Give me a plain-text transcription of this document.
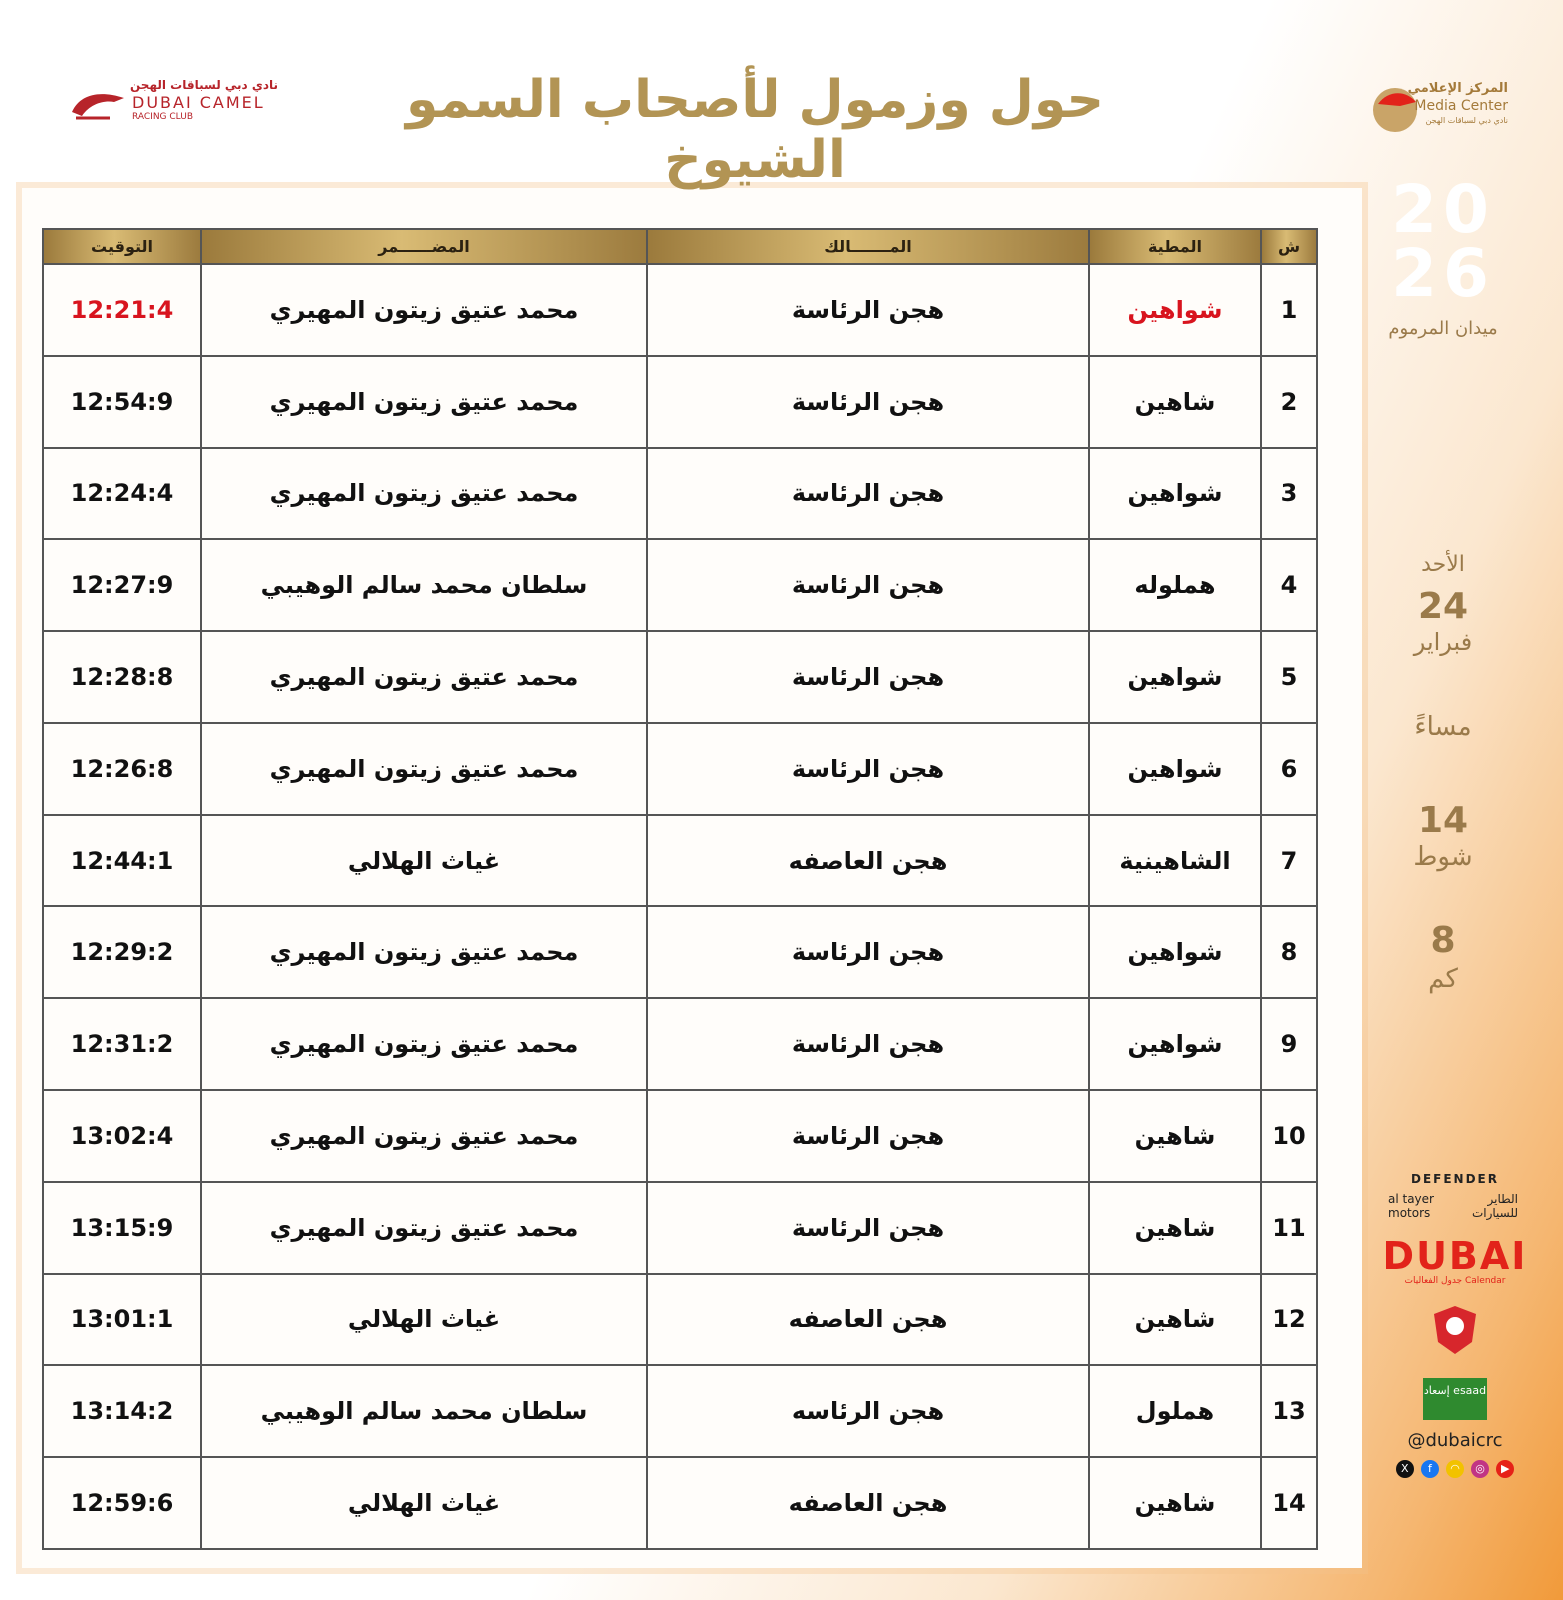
نادي دبي لسباقات الهجن
DUBAI CAMEL
RACING CLUB	حول وزمول لأصحاب السمو الشيوخ
المركز الإعلامي
Media Center
نادي دبي لسباقات الهجن
ش	المطية	المـــــــالك	المضــــــمر	التوقيت
1	شواهين	هجن الرئاسة	محمد عتيق زيتون المهيري	12:21:4
2	شاهين	هجن الرئاسة	محمد عتيق زيتون المهيري	12:54:9
3	شواهين	هجن الرئاسة	محمد عتيق زيتون المهيري	12:24:4
4	هملوله	هجن الرئاسة	سلطان محمد سالم الوهيبي	12:27:9
5	شواهين	هجن الرئاسة	محمد عتيق زيتون المهيري	12:28:8
6	شواهين	هجن الرئاسة	محمد عتيق زيتون المهيري	12:26:8
7	الشاهينية	هجن العاصفه	غياث الهلالي	12:44:1
8	شواهين	هجن الرئاسة	محمد عتيق زيتون المهيري	12:29:2
9	شواهين	هجن الرئاسة	محمد عتيق زيتون المهيري	12:31:2
10	شاهين	هجن الرئاسة	محمد عتيق زيتون المهيري	13:02:4
11	شاهين	هجن الرئاسة	محمد عتيق زيتون المهيري	13:15:9
12	شاهين	هجن العاصفه	غياث الهلالي	13:01:1
13	هملول	هجن الرئاسه	سلطان محمد سالم الوهيبي	13:14:2
14	شاهين	هجن العاصفه	غياث الهلالي	12:59:6
20
26
ميدان المرموم
الأحد
24
فبراير
مساءً
14
شوط
8
كم
DEFENDER
al tayer motors
الطاير للسيارات
DUBAI
Calendar جدول الفعاليات
إسعاد esaad
@dubaicrc
X f ◠ ◎ ▶
